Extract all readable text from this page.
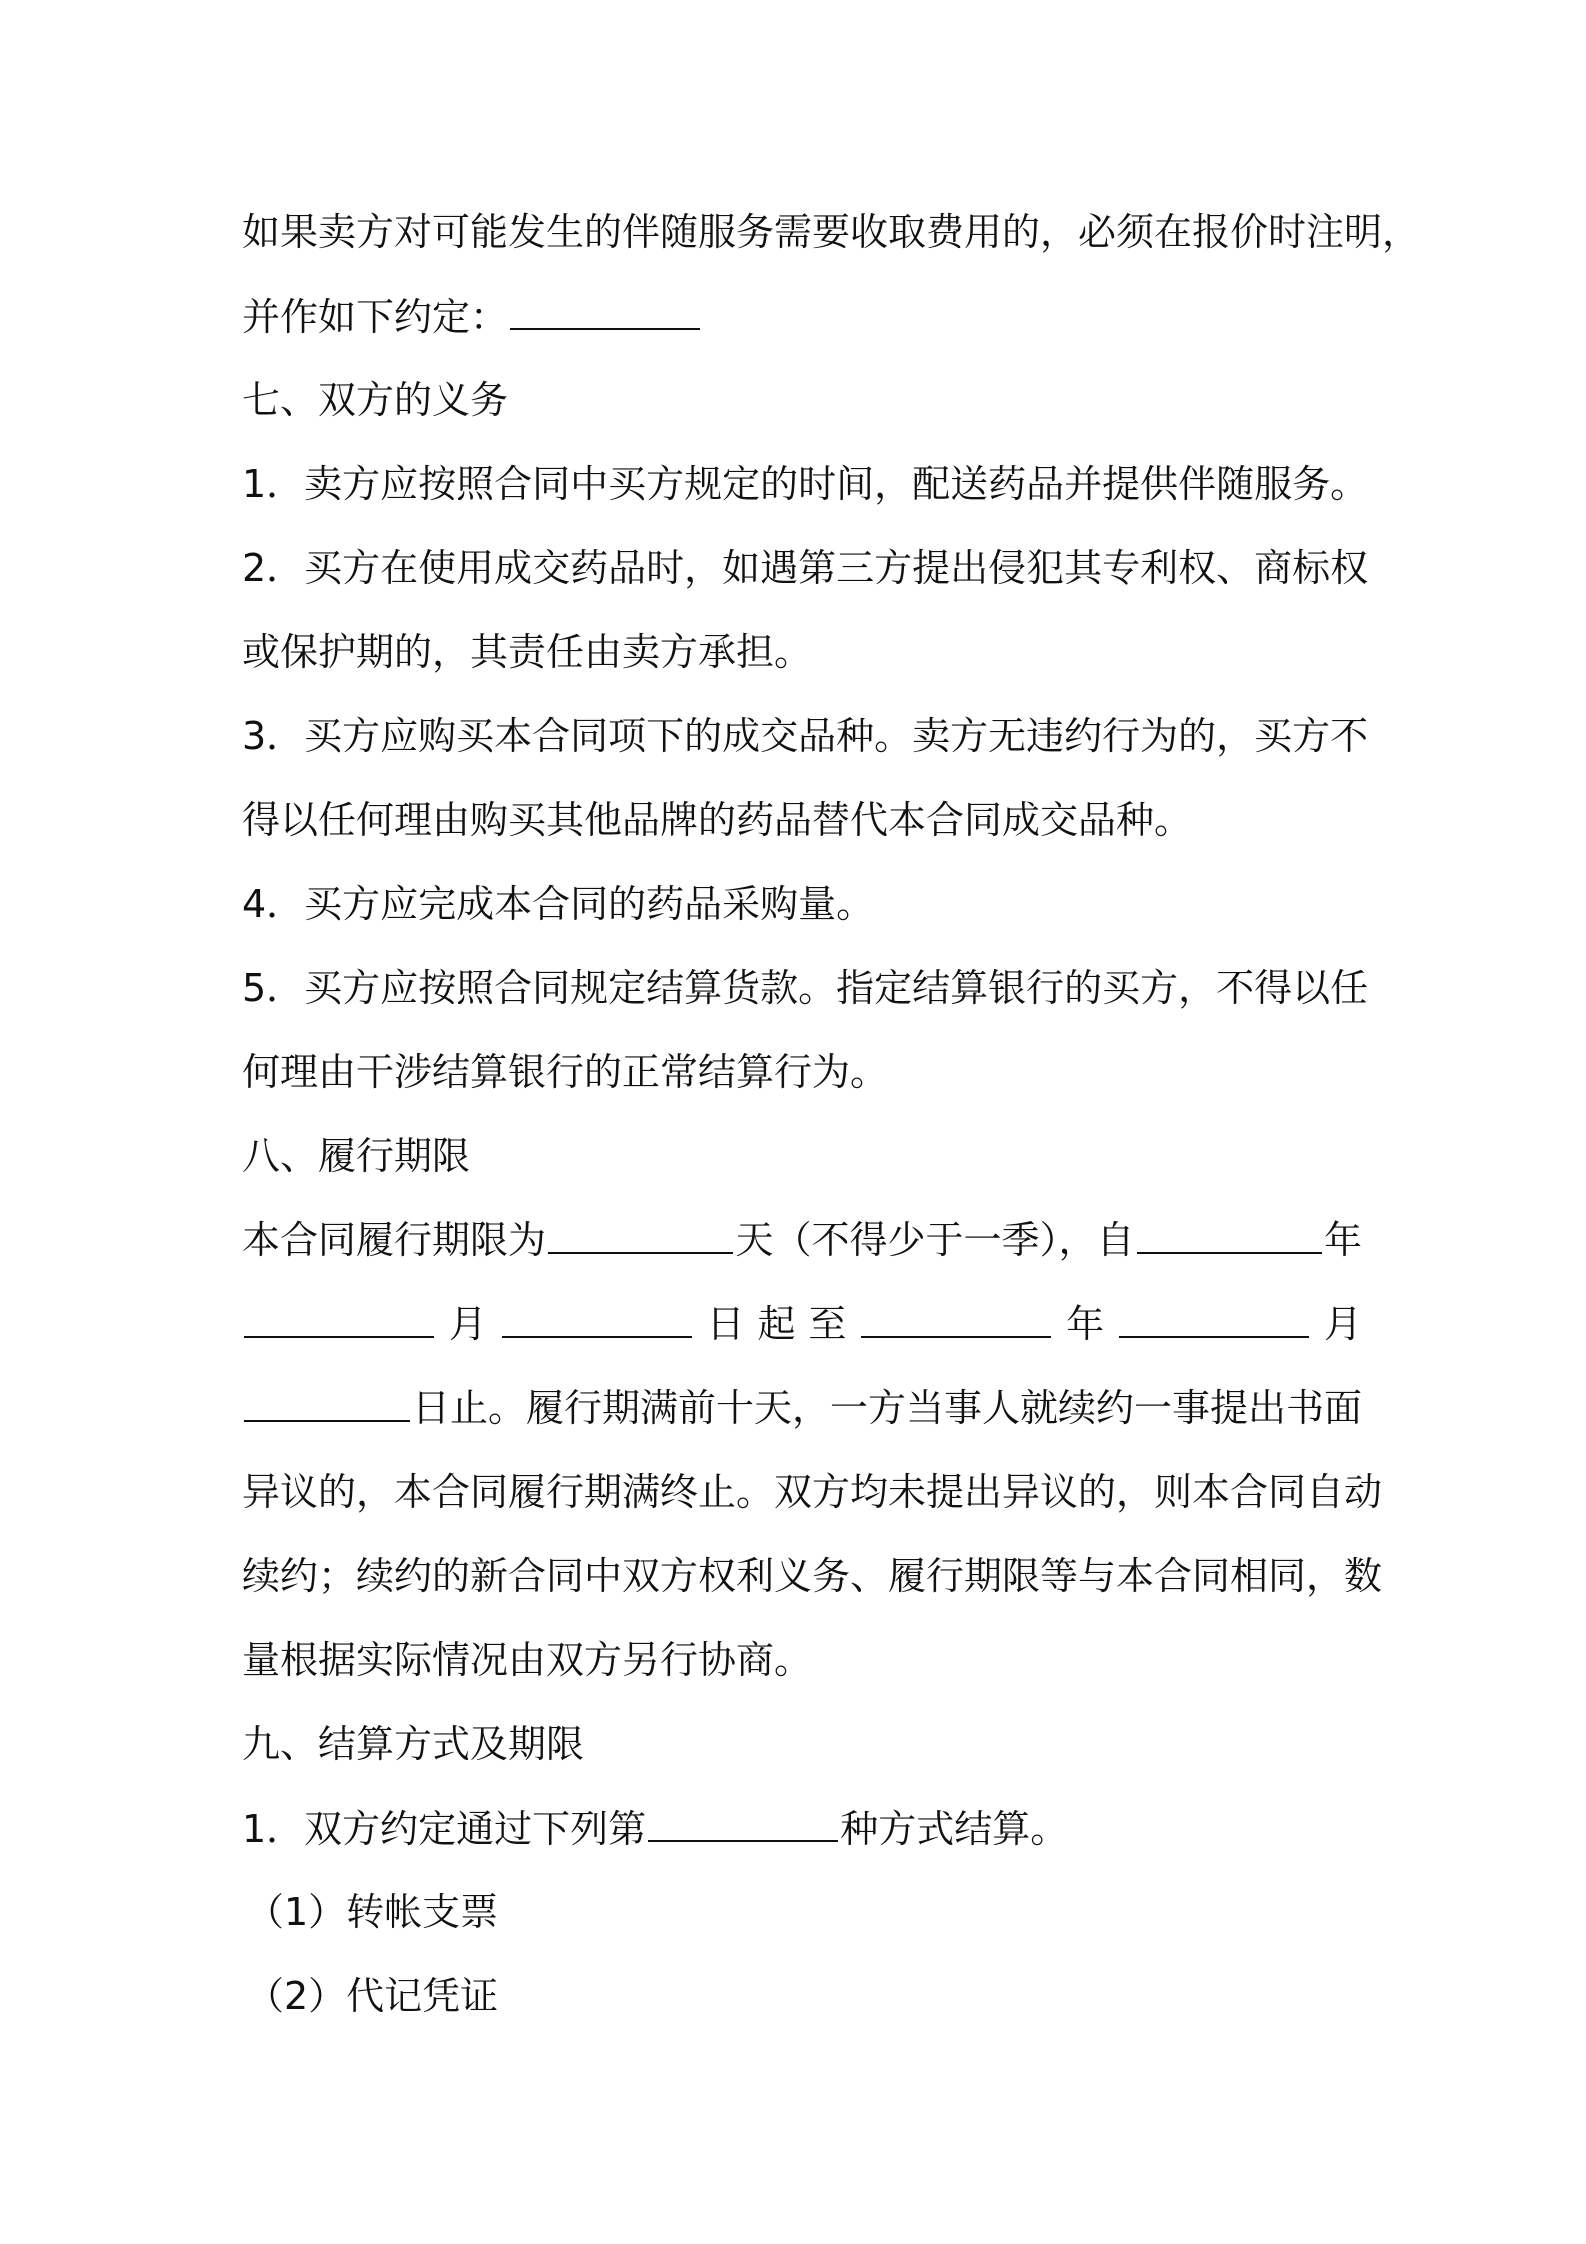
如果卖方对可能发生的伴随服务需要收取费用的，必须在报价时注明，
并作如下约定：
七、双方的义务
1．卖方应按照合同中买方规定的时间，配送药品并提供伴随服务。
2．买方在使用成交药品时，如遇第三方提出侵犯其专利权、商标权
或保护期的，其责任由卖方承担。
3．买方应购买本合同项下的成交品种。卖方无违约行为的，买方不
得以任何理由购买其他品牌的药品替代本合同成交品种。
4．买方应完成本合同的药品采购量。
5．买方应按照合同规定结算货款。指定结算银行的买方，不得以任
何理由干涉结算银行的正常结算行为。
八、履行期限
本合同履行期限为	天（不得少于一季），自	年
月	日 起 至	年	月
日止。履行期满前十天，一方当事人就续约一事提出书面
异议的，本合同履行期满终止。双方均未提出异议的，则本合同自动
续约；续约的新合同中双方权利义务、履行期限等与本合同相同，数
量根据实际情况由双方另行协商。
九、结算方式及期限
1．双方约定通过下列第	种方式结算。
（1）转帐支票
（2）代记凭证
